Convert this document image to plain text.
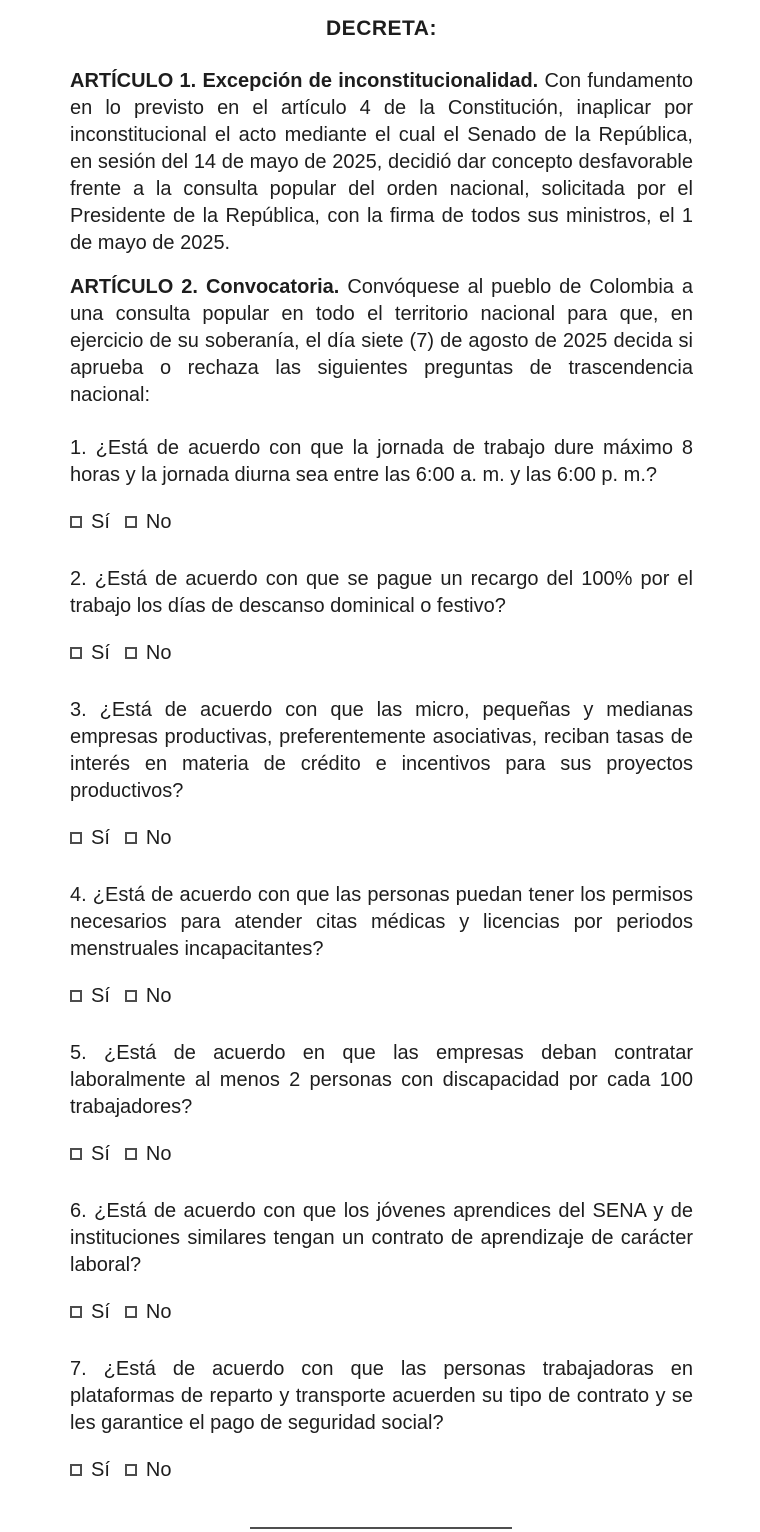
DECRETA:

ARTÍCULO 1. Excepción de inconstitucionalidad. Con fundamento en lo previsto en el artículo 4 de la Constitución, inaplicar por inconstitucional el acto mediante el cual el Senado de la República, en sesión del 14 de mayo de 2025, decidió dar concepto desfavorable frente a la consulta popular del orden nacional, solicitada por el Presidente de la República, con la firma de todos sus ministros, el 1 de mayo de 2025.

ARTÍCULO 2. Convocatoria. Convóquese al pueblo de Colombia a una consulta popular en todo el territorio nacional para que, en ejercicio de su soberanía, el día siete (7) de agosto de 2025 decida si aprueba o rechaza las siguientes preguntas de trascendencia nacional:

1. ¿Está de acuerdo con que la jornada de trabajo dure máximo 8 horas y la jornada diurna sea entre las 6:00 a. m. y las 6:00 p. m.?

Sí No

2. ¿Está de acuerdo con que se pague un recargo del 100% por el trabajo los días de descanso dominical o festivo?

Sí No

3. ¿Está de acuerdo con que las micro, pequeñas y medianas empresas productivas, preferentemente asociativas, reciban tasas de interés en materia de crédito e incentivos para sus proyectos productivos?

Sí No

4. ¿Está de acuerdo con que las personas puedan tener los permisos necesarios para atender citas médicas y licencias por periodos menstruales incapacitantes?

Sí No

5. ¿Está de acuerdo en que las empresas deban contratar laboralmente al menos 2 personas con discapacidad por cada 100 trabajadores?

Sí No

6. ¿Está de acuerdo con que los jóvenes aprendices del SENA y de instituciones similares tengan un contrato de aprendizaje de carácter laboral?

Sí No

7. ¿Está de acuerdo con que las personas trabajadoras en plataformas de reparto y transporte acuerden su tipo de contrato y se les garantice el pago de seguridad social?

Sí No
